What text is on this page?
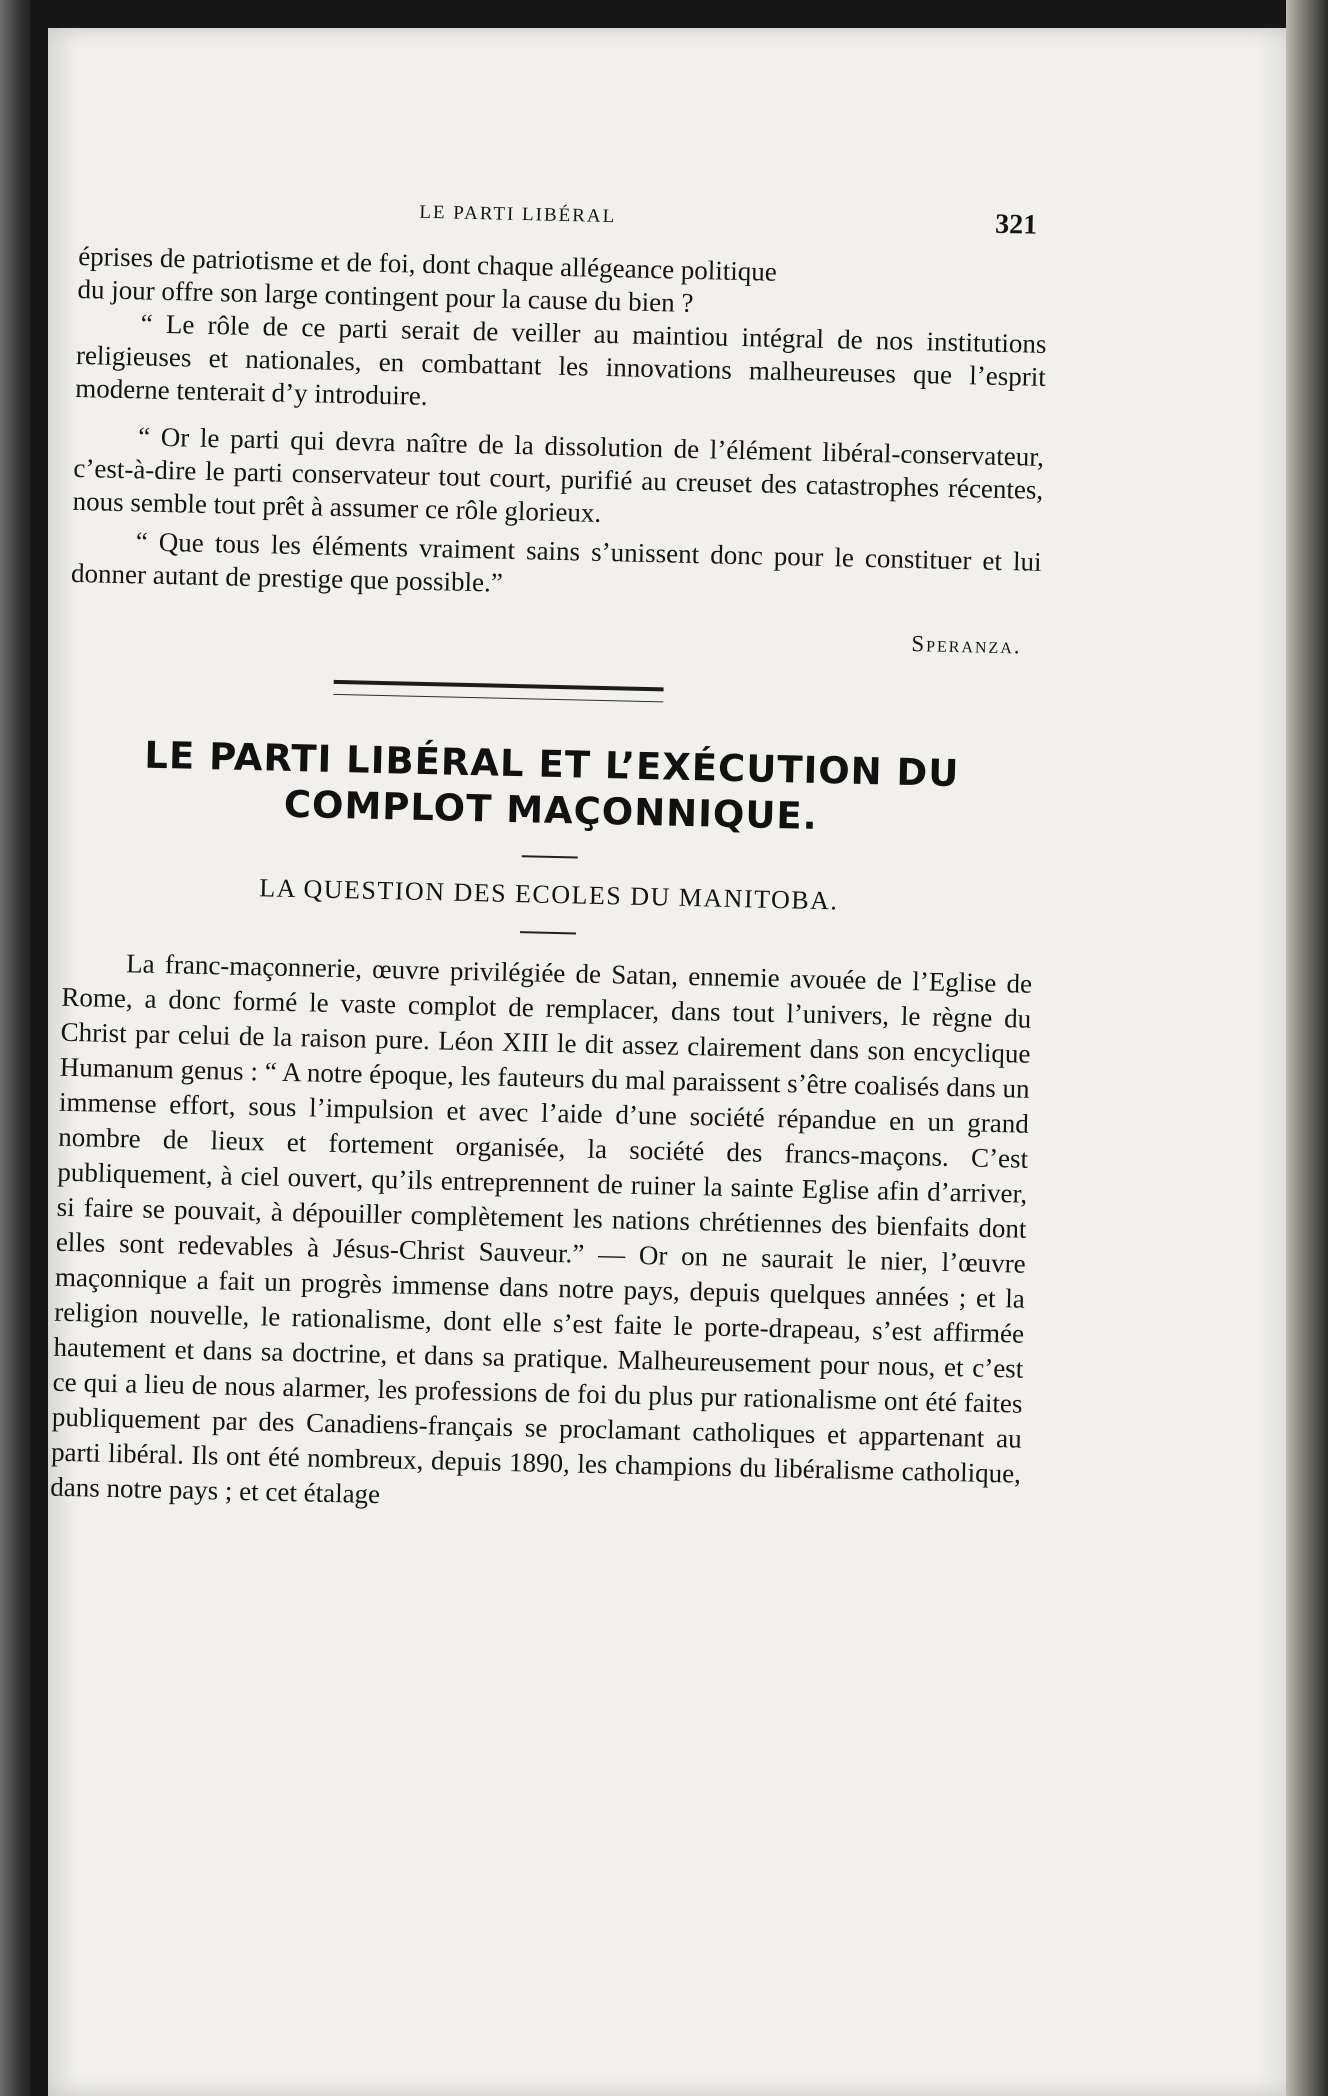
LE PARTI LIBÉRAL	321

éprises de patriotisme et de foi, dont chaque allégeance politique

du jour offre son large contingent pour la cause du bien ?

“ Le rôle de ce parti serait de veiller au maintiou intégral de nos institutions religieuses et nationales, en combattant les innovations malheureuses que l’esprit moderne tenterait d’y introduire.

“ Or le parti qui devra naître de la dissolution de l’élément libéral-conservateur, c’est-à-dire le parti conservateur tout court, purifié au creuset des catastrophes récentes, nous semble tout prêt à assumer ce rôle glorieux.

“ Que tous les éléments vraiment sains s’unissent donc pour le constituer et lui donner autant de prestige que possible.”

Speranza.

LE PARTI LIBÉRAL ET L’EXÉCUTION DU
COMPLOT MAÇONNIQUE.

LA QUESTION DES ECOLES DU MANITOBA.

La franc-maçonnerie, œuvre privilégiée de Satan, ennemie avouée de l’Eglise de Rome, a donc formé le vaste complot de remplacer, dans tout l’univers, le règne du Christ par celui de la raison pure. Léon XIII le dit assez clairement dans son encyclique Humanum genus : “ A notre époque, les fauteurs du mal paraissent s’être coalisés dans un immense effort, sous l’impulsion et avec l’aide d’une société répandue en un grand nombre de lieux et fortement organisée, la société des francs-maçons. C’est publiquement, à ciel ouvert, qu’ils entreprennent de ruiner la sainte Eglise afin d’arriver, si faire se pouvait, à dépouiller complètement les nations chrétiennes des bienfaits dont elles sont redevables à Jésus-Christ Sauveur.” — Or on ne saurait le nier, l’œuvre maçonnique a fait un progrès immense dans notre pays, depuis quelques années ; et la religion nouvelle, le rationalisme, dont elle s’est faite le porte-drapeau, s’est affirmée hautement et dans sa doctrine, et dans sa pratique. Malheureusement pour nous, et c’est ce qui a lieu de nous alarmer, les professions de foi du plus pur rationalisme ont été faites publiquement par des Canadiens-français se proclamant catholiques et appartenant au parti libéral. Ils ont été nombreux, depuis 1890, les champions du libéralisme catholique, dans notre pays ; et cet étalage
